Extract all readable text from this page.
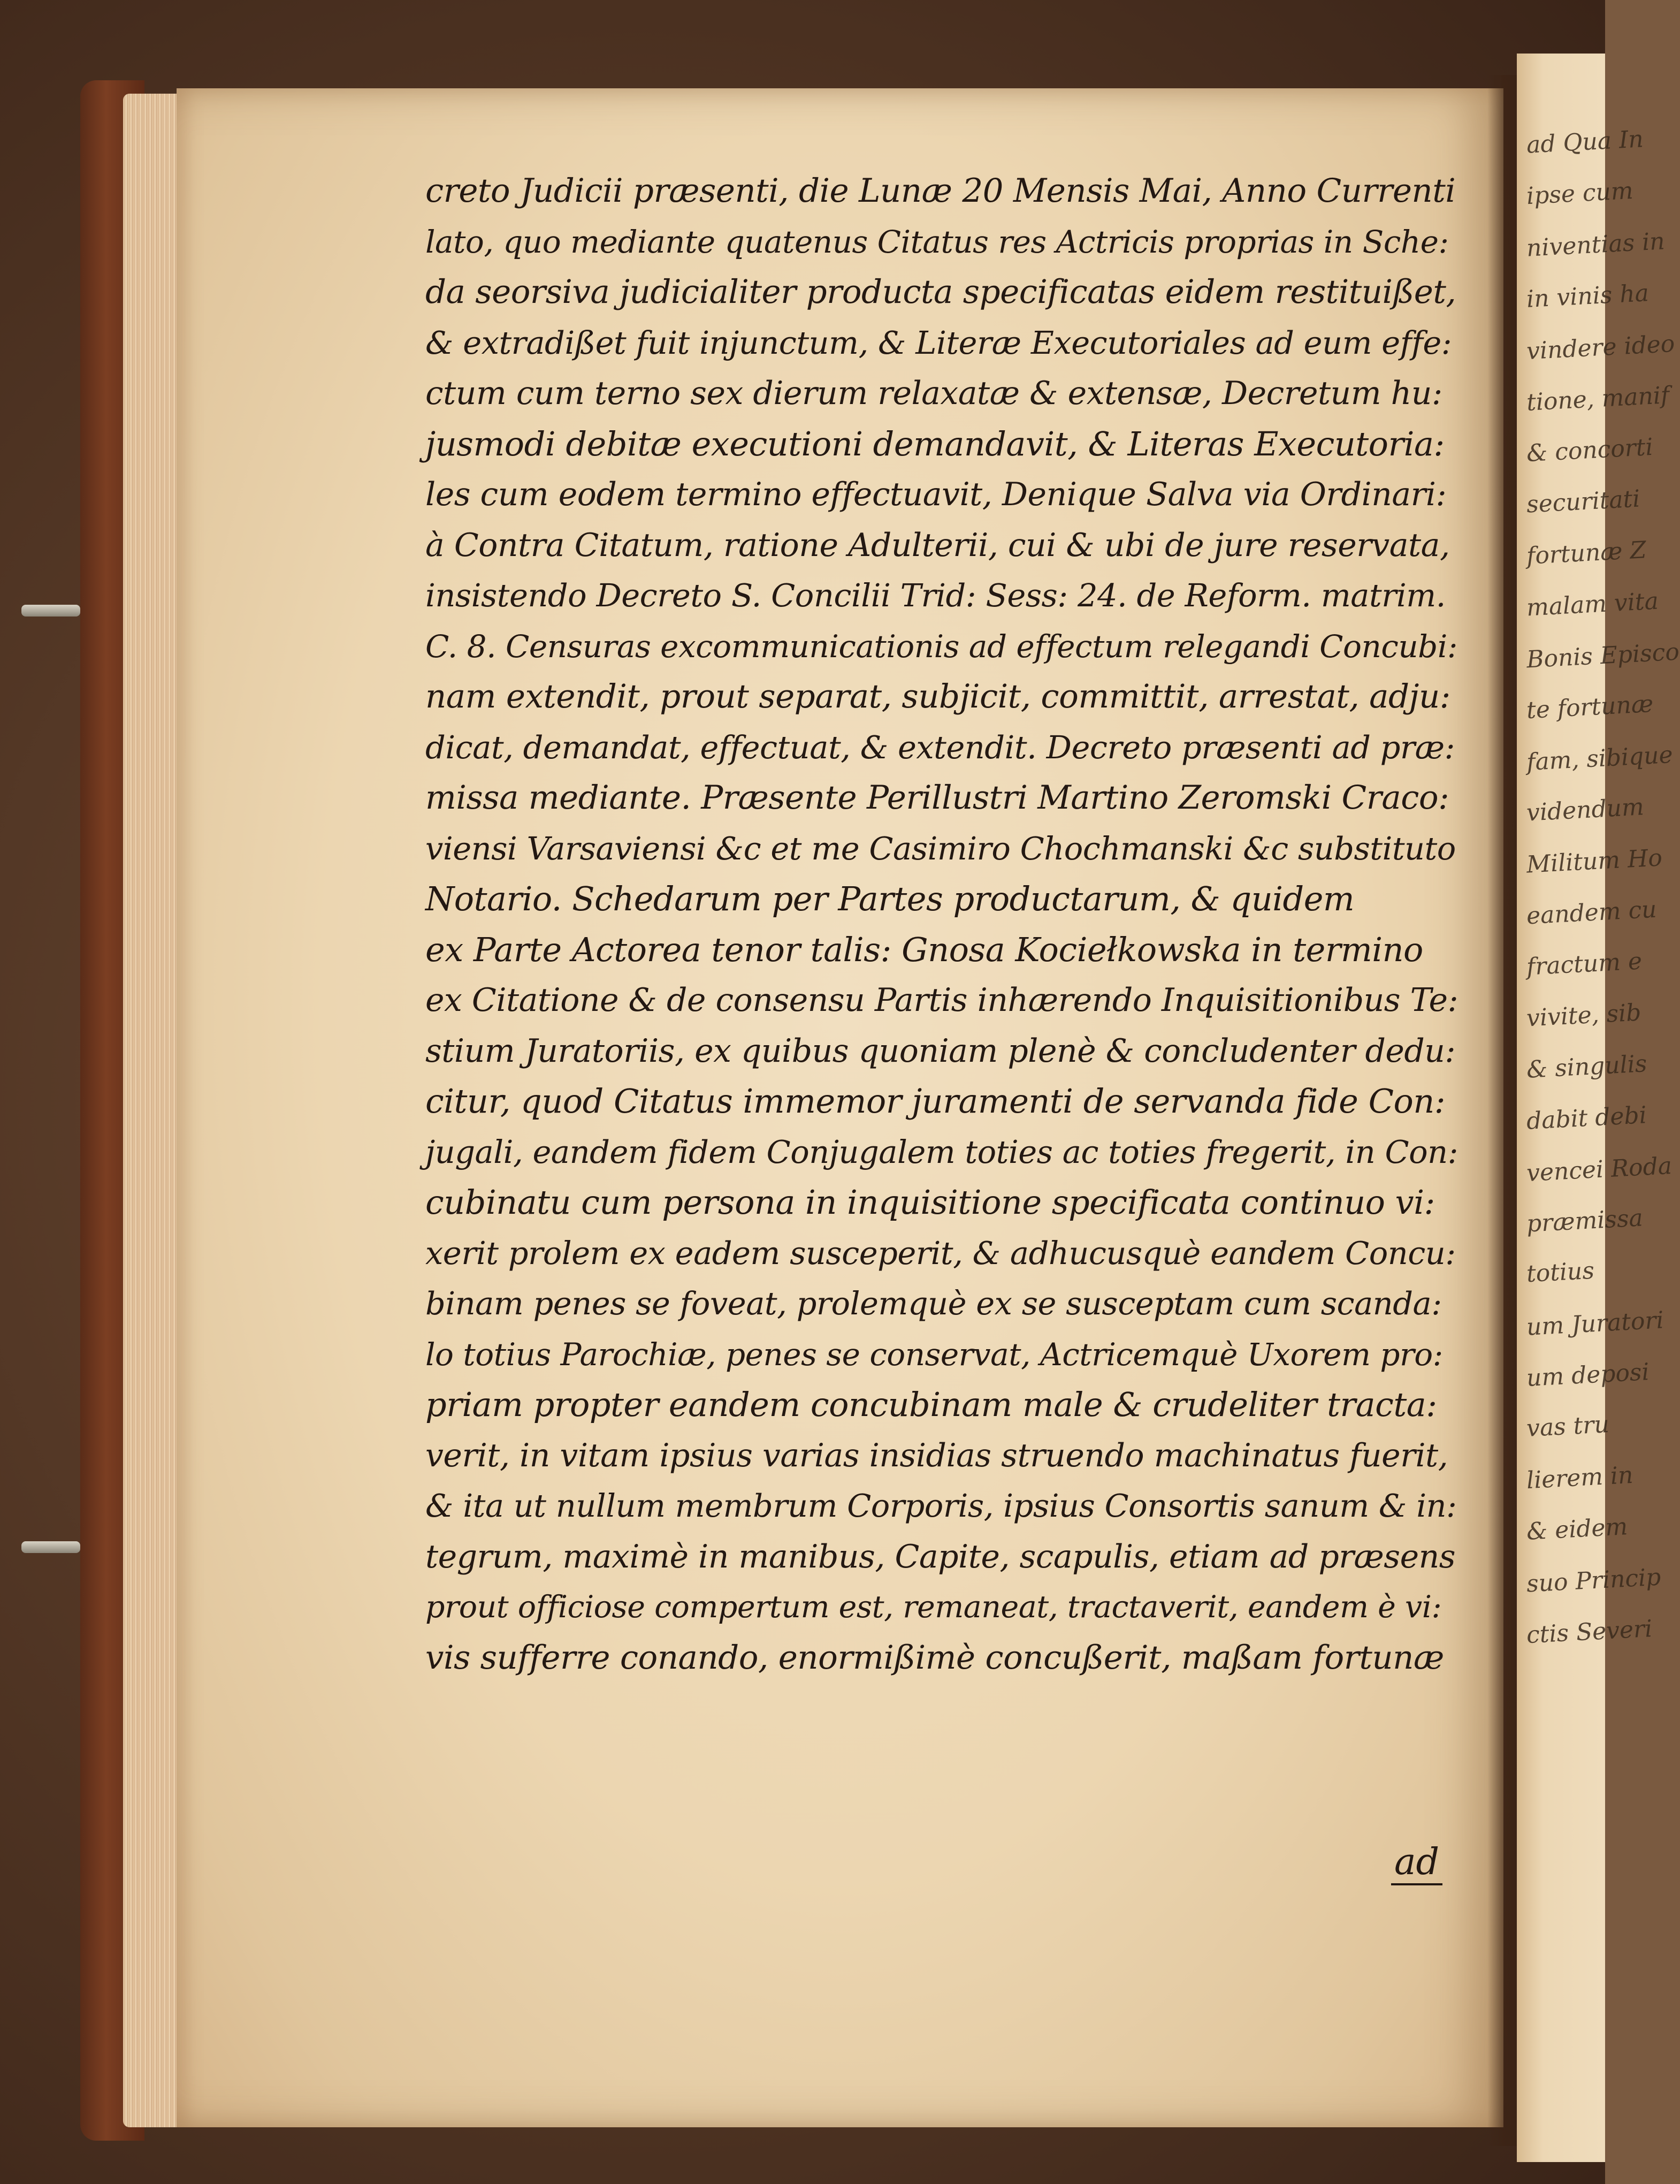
creto Judicii præsenti, die Lunæ 20 Mensis Mai, Anno Currenti
lato, quo mediante quatenus Citatus res Actricis proprias in Sche:
da seorsiva judicialiter producta specificatas eidem restituißet,
& extradißet fuit injunctum, & Literæ Executoriales ad eum effe:
ctum cum terno sex dierum relaxatæ & extensæ, Decretum hu:
jusmodi debitæ executioni demandavit, & Literas Executoria:
les cum eodem termino effectuavit, Denique Salva via Ordinari:
à Contra Citatum, ratione Adulterii, cui & ubi de jure reservata,
insistendo Decreto S. Concilii Trid: Sess: 24. de Reform. matrim.
C. 8. Censuras excommunicationis ad effectum relegandi Concubi:
nam extendit, prout separat, subjicit, committit, arrestat, adju:
dicat, demandat, effectuat, & extendit. Decreto præsenti ad præ:
missa mediante. Præsente Perillustri Martino Zeromski Craco:
viensi Varsaviensi &c et me Casimiro Chochmanski &c substituto
Notario. Schedarum per Partes productarum, & quidem
ex Parte Actorea tenor talis: Gnosa Kociełkowska in termino
ex Citatione & de consensu Partis inhærendo Inquisitionibus Te:
stium Juratoriis, ex quibus quoniam plenè & concludenter dedu:
citur, quod Citatus immemor juramenti de servanda fide Con:
jugali, eandem fidem Conjugalem toties ac toties fregerit, in Con:
cubinatu cum persona in inquisitione specificata continuo vi:
xerit prolem ex eadem susceperit, & adhucusquè eandem Concu:
binam penes se foveat, prolemquè ex se susceptam cum scanda:
lo totius Parochiæ, penes se conservat, Actricemquè Uxorem pro:
priam propter eandem concubinam male & crudeliter tracta:
verit, in vitam ipsius varias insidias struendo machinatus fuerit,
& ita ut nullum membrum Corporis, ipsius Consortis sanum & in:
tegrum, maximè in manibus, Capite, scapulis, etiam ad præsens
prout officiose compertum est, remaneat, tractaverit, eandem è vi:
vis sufferre conando, enormißimè concußerit, maßam fortunæ
ad
ad Qua In
ipse cum
niventias in
in vinis ha
vindere ideo
tione, manif
& concorti
securitati
fortunæ Z
malam vita
Bonis Episco
te fortunæ
fam, sibique
videndum
Militum Ho
eandem cu
fractum e
vivite, sib
& singulis
dabit debi
vencei Roda
præmissa
totius
um Juratori
um deposi
vas tru
lierem in
& eidem
suo Princip
ctis Severi
